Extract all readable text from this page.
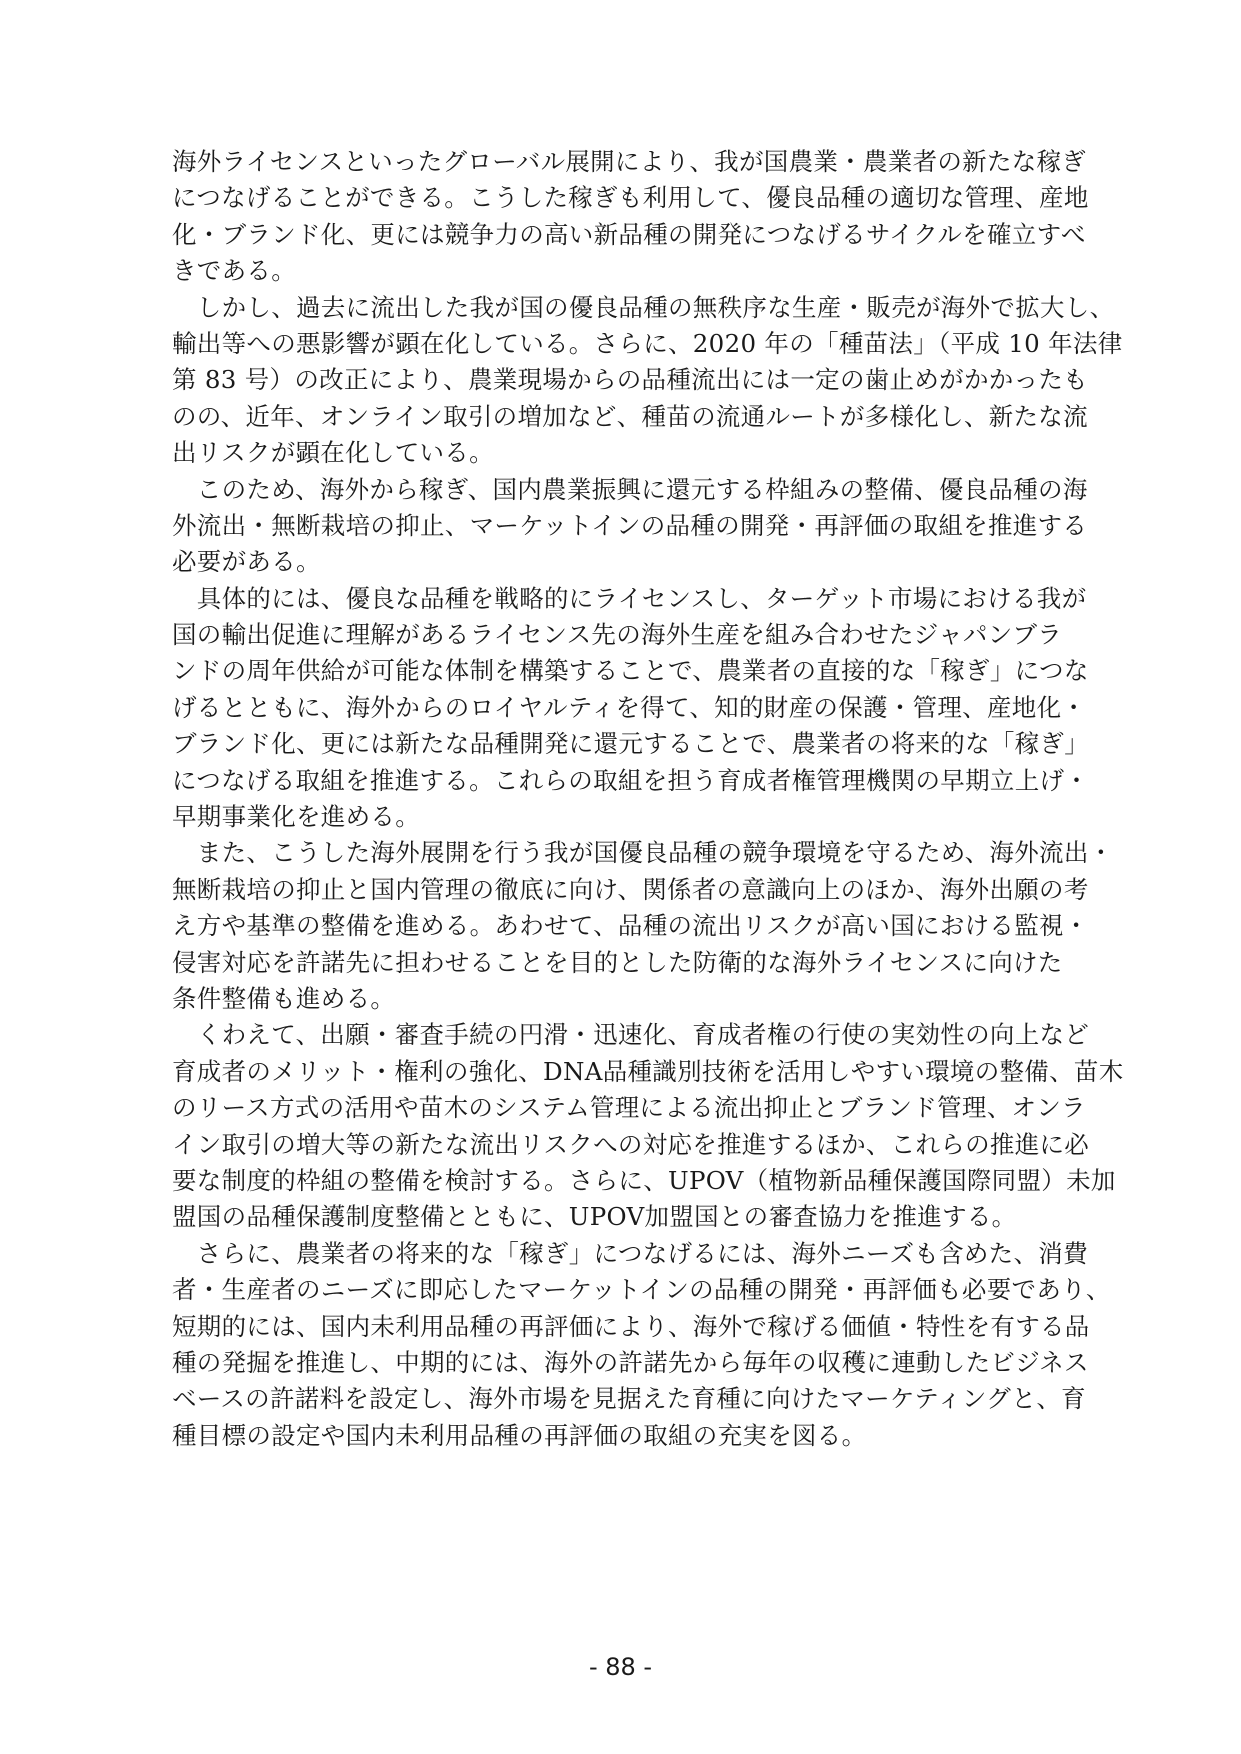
海外ライセンスといったグローバル展開により、我が国農業・農業者の新たな稼ぎ
につなげることができる。こうした稼ぎも利用して、優良品種の適切な管理、産地
化・ブランド化、更には競争力の高い新品種の開発につなげるサイクルを確立すべ
きである。
　しかし、過去に流出した我が国の優良品種の無秩序な生産・販売が海外で拡大し、
輸出等への悪影響が顕在化している。さらに、2020 年の「種苗法」（平成 10 年法律
第 83 号）の改正により、農業現場からの品種流出には一定の歯止めがかかったも
のの、近年、オンライン取引の増加など、種苗の流通ルートが多様化し、新たな流
出リスクが顕在化している。
　このため、海外から稼ぎ、国内農業振興に還元する枠組みの整備、優良品種の海
外流出・無断栽培の抑止、マーケットインの品種の開発・再評価の取組を推進する
必要がある。
　具体的には、優良な品種を戦略的にライセンスし、ターゲット市場における我が
国の輸出促進に理解があるライセンス先の海外生産を組み合わせたジャパンブラ
ンドの周年供給が可能な体制を構築することで、農業者の直接的な「稼ぎ」につな
げるとともに、海外からのロイヤルティを得て、知的財産の保護・管理、産地化・
ブランド化、更には新たな品種開発に還元することで、農業者の将来的な「稼ぎ」
につなげる取組を推進する。これらの取組を担う育成者権管理機関の早期立上げ・
早期事業化を進める。
　また、こうした海外展開を行う我が国優良品種の競争環境を守るため、海外流出・
無断栽培の抑止と国内管理の徹底に向け、関係者の意識向上のほか、海外出願の考
え方や基準の整備を進める。あわせて、品種の流出リスクが高い国における監視・
侵害対応を許諾先に担わせることを目的とした防衛的な海外ライセンスに向けた
条件整備も進める。
　くわえて、出願・審査手続の円滑・迅速化、育成者権の行使の実効性の向上など
育成者のメリット・権利の強化、DNA品種識別技術を活用しやすい環境の整備、苗木
のリース方式の活用や苗木のシステム管理による流出抑止とブランド管理、オンラ
イン取引の増大等の新たな流出リスクへの対応を推進するほか、これらの推進に必
要な制度的枠組の整備を検討する。さらに、UPOV（植物新品種保護国際同盟）未加
盟国の品種保護制度整備とともに、UPOV加盟国との審査協力を推進する。
　さらに、農業者の将来的な「稼ぎ」につなげるには、海外ニーズも含めた、消費
者・生産者のニーズに即応したマーケットインの品種の開発・再評価も必要であり、
短期的には、国内未利用品種の再評価により、海外で稼げる価値・特性を有する品
種の発掘を推進し、中期的には、海外の許諾先から毎年の収穫に連動したビジネス
ベースの許諾料を設定し、海外市場を見据えた育種に向けたマーケティングと、育
種目標の設定や国内未利用品種の再評価の取組の充実を図る。
- 88 -
